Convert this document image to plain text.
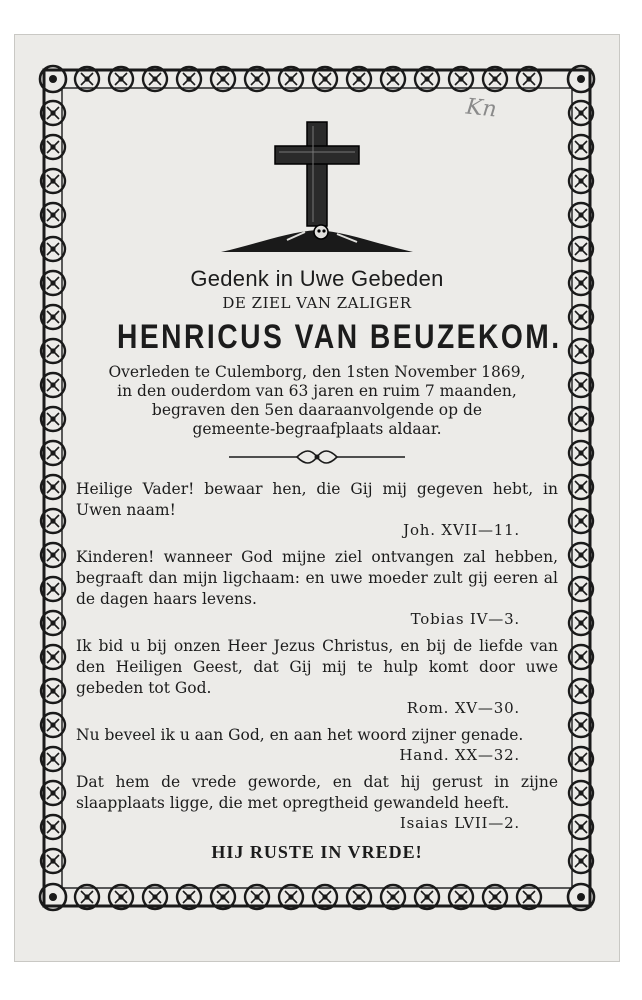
Kn
Gedenk in Uwe Gebeden
DE ZIEL VAN ZALIGER
HENRICUS VAN BEUZEKOM.
Overleden te Culemborg, den 1sten November 1869,
in den ouderdom van 63 jaren en ruim 7 maanden,
begraven den 5en daaraanvolgende op de
gemeente-begraafplaats aldaar.
Heilige Vader! bewaar hen, die Gij mij gegeven hebt, in Uwen naam!
Joh. XVII—11.
Kinderen! wanneer God mijne ziel ontvangen zal hebben, begraaft dan mijn ligchaam: en uwe moeder zult gij eeren al de dagen haars levens.
Tobias IV—3.
Ik bid u bij onzen Heer Jezus Christus, en bij de liefde van den Heiligen Geest, dat Gij mij te hulp komt door uwe gebeden tot God.
Rom. XV—30.
Nu beveel ik u aan God, en aan het woord zijner genade.
Hand. XX—32.
Dat hem de vrede geworde, en dat hij gerust in zijne slaapplaats ligge, die met opregtheid gewandeld heeft.
Isaias LVII—2.
HIJ RUSTE IN VREDE!
